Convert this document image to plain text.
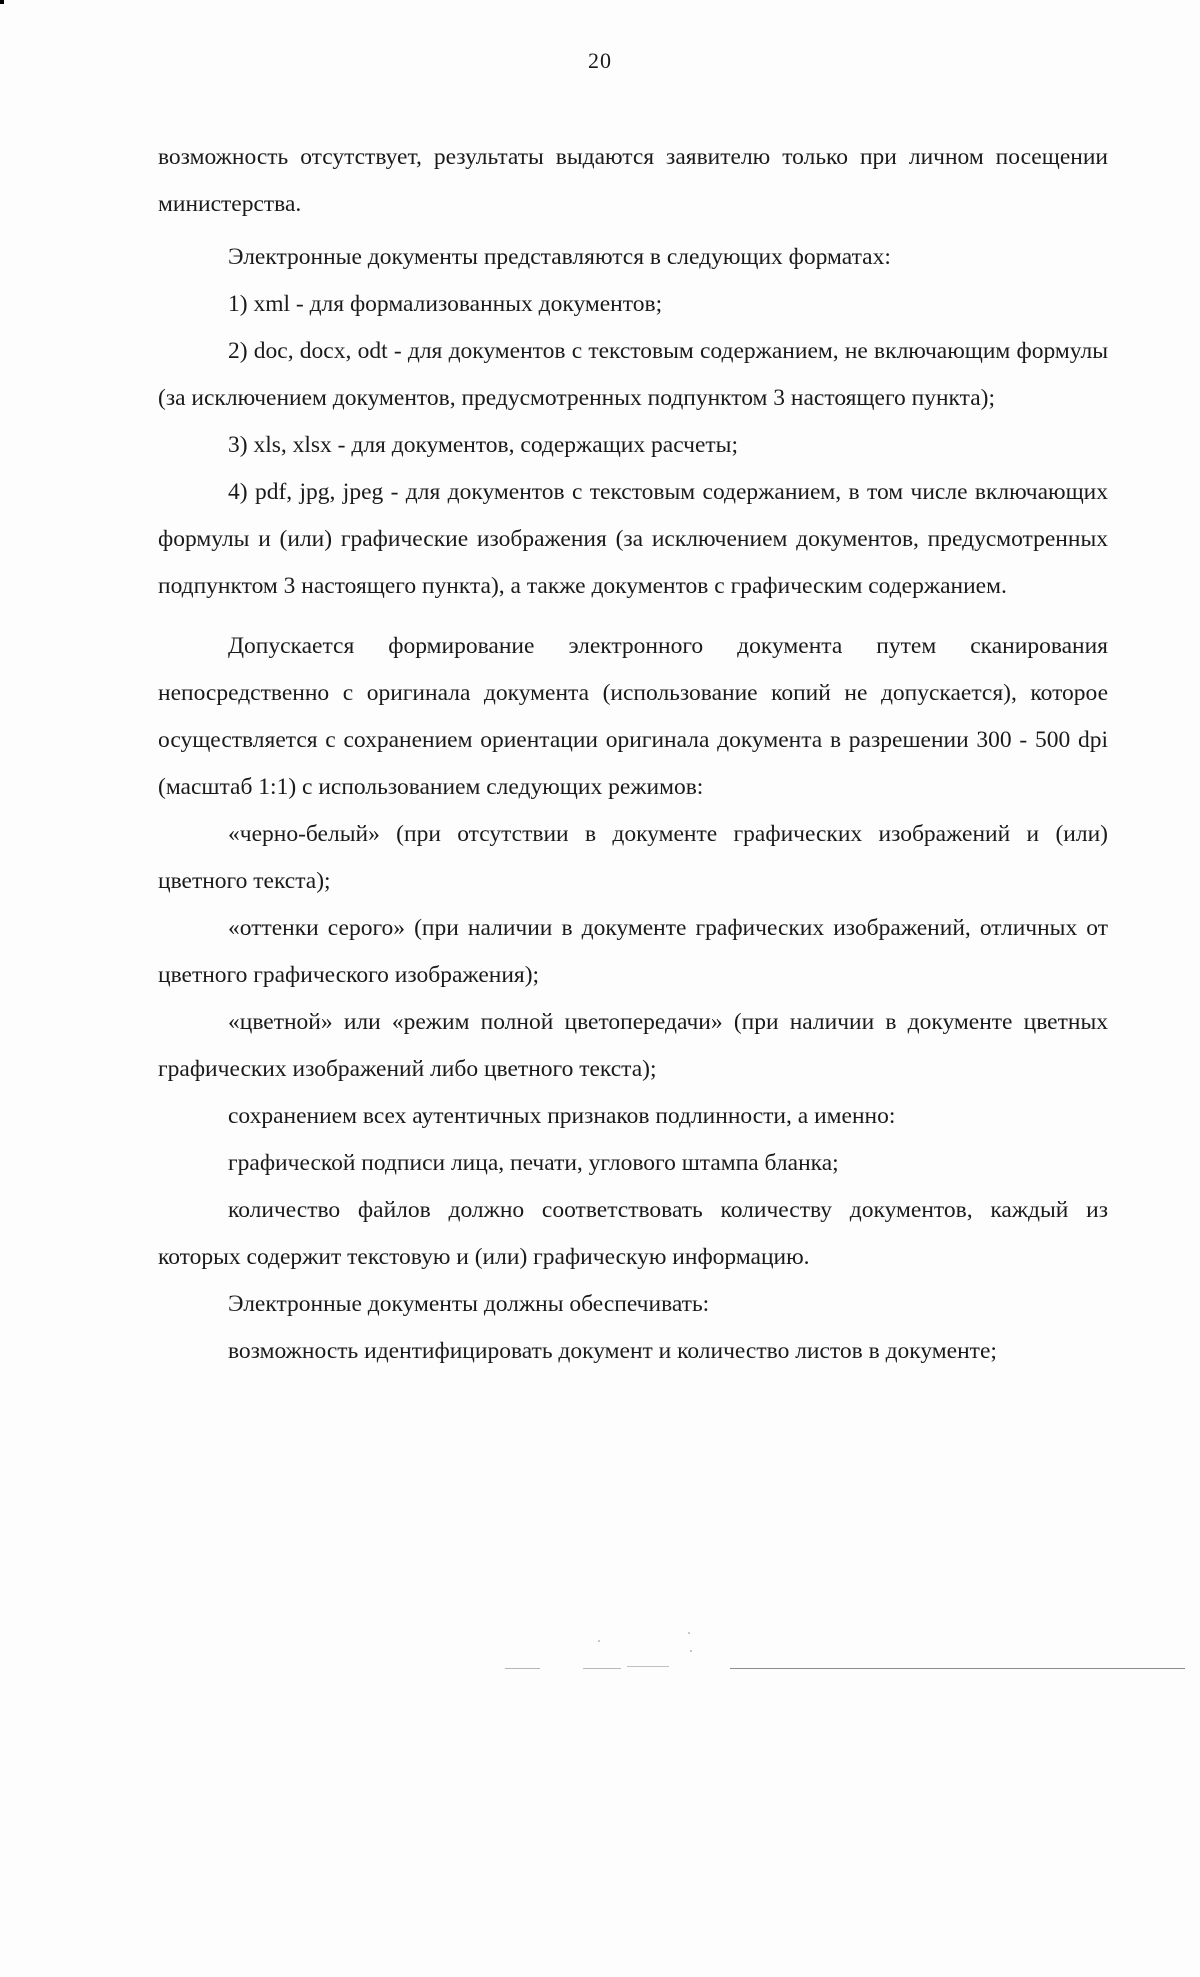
20

возможность отсутствует, результаты выдаются заявителю только при личном посещении министерства.

Электронные документы представляются в следующих форматах:

1) xml - для формализованных документов;

2) doc, docx, odt - для документов с текстовым содержанием, не включающим формулы (за исключением документов, предусмотренных подпунктом 3 настоящего пункта);

3) xls, xlsx - для документов, содержащих расчеты;

4) pdf, jpg, jpeg - для документов с текстовым содержанием, в том числе включающих формулы и (или) графические изображения (за исключением документов, предусмотренных подпунктом 3 настоящего пункта), а также документов с графическим содержанием.

Допускается формирование электронного документа путем сканирования непосредственно с оригинала документа (использование копий не допускается), которое осуществляется с сохранением ориентации оригинала документа в разрешении 300 - 500 dpi (масштаб 1:1) с использованием следующих режимов:

«черно-белый» (при отсутствии в документе графических изображений и (или) цветного текста);

«оттенки серого» (при наличии в документе графических изображений, отличных от цветного графического изображения);

«цветной» или «режим полной цветопередачи» (при наличии в документе цветных графических изображений либо цветного текста);

сохранением всех аутентичных признаков подлинности, а именно:

графической подписи лица, печати, углового штампа бланка;

количество файлов должно соответствовать количеству документов, каждый из которых содержит текстовую и (или) графическую информацию.

Электронные документы должны обеспечивать:

возможность идентифицировать документ и количество листов в документе;
